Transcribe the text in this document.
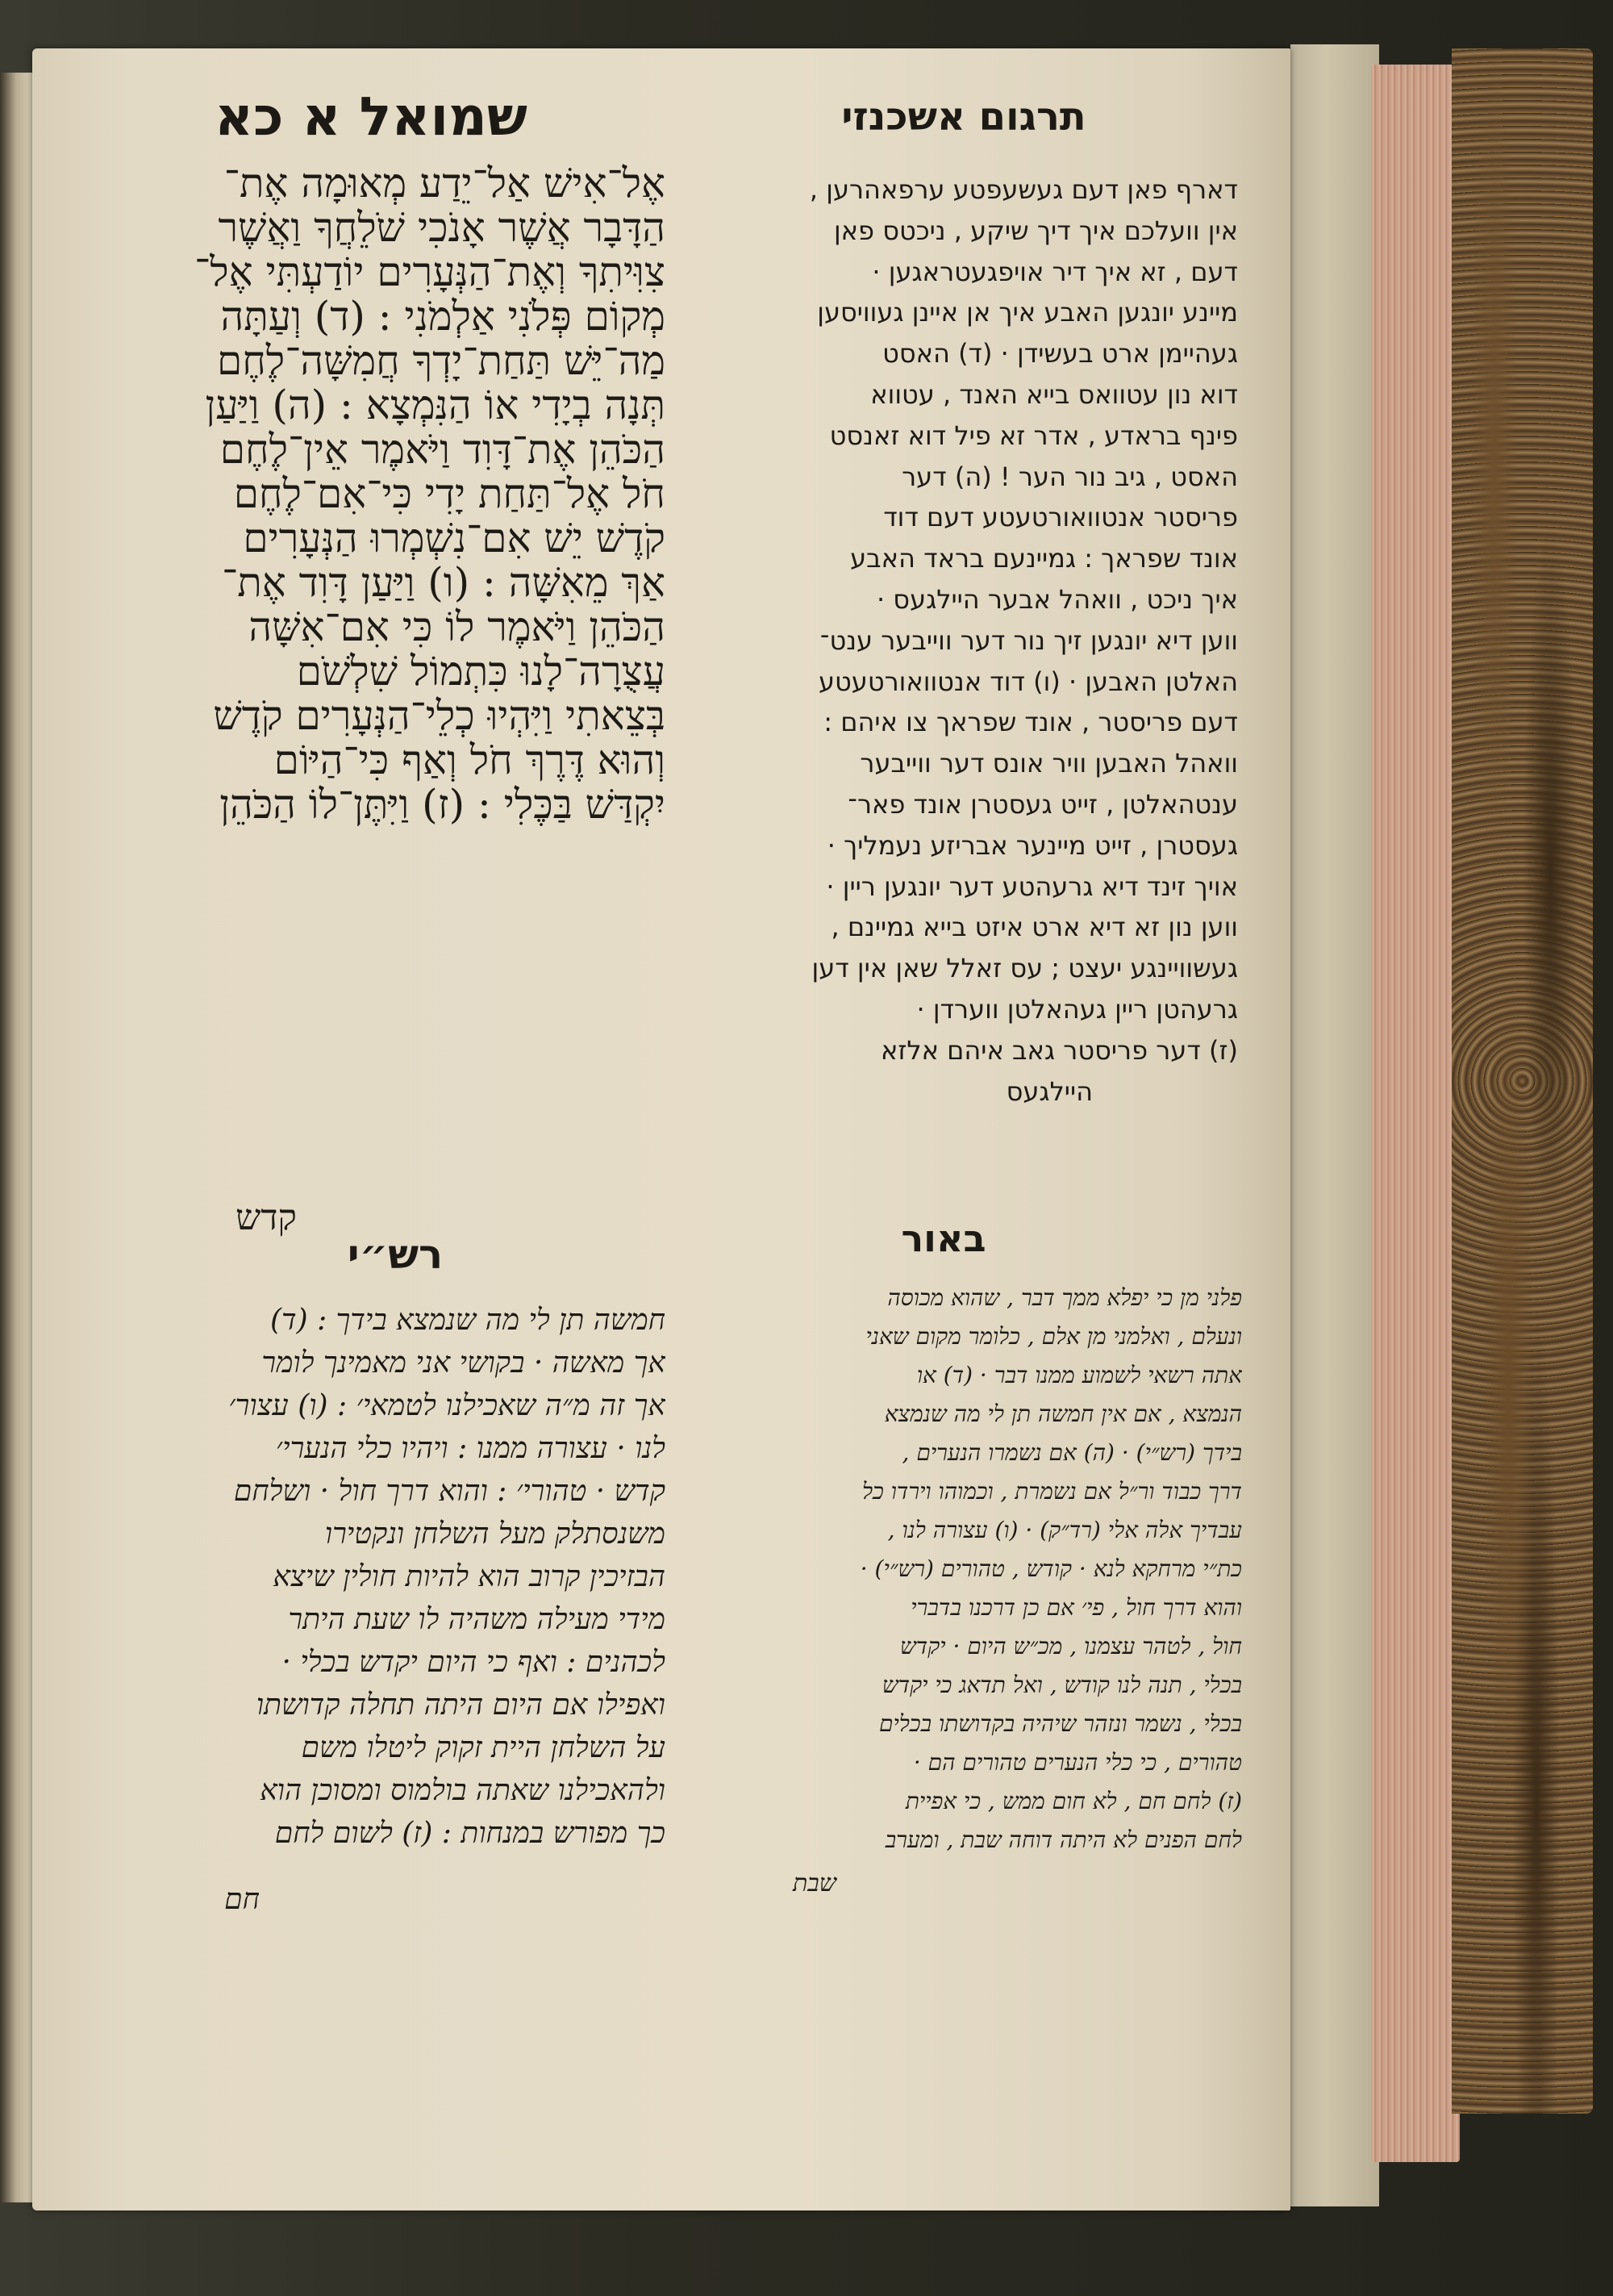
שמואל א כא	תרגום אשכנזי
אֶל־אִישׁ אַל־יֵדַע מְאוּמָה אֶת־
הַדָּבָר אֲשֶׁר אָנֹכִי שֹׁלֵחֲךָ וַאֲשֶׁר
צִוִּיתִךָ וְאֶת־הַנְּעָרִים יוֹדַעְתִּי אֶל־
מְקוֹם פְּלֹנִי אַלְמֹנִי : (ד) וְעַתָּה
מַה־יֵּשׁ תַּחַת־יָדְךָ חֲמִשָּׁה־לֶחֶם
תְּנָה בְיָדִי אוֹ הַנִּמְצָא : (ה) וַיַּעַן
הַכֹּהֵן אֶת־דָּוִד וַיֹּאמֶר אֵין־לֶחֶם
חֹל אֶל־תַּחַת יָדִי כִּי־אִם־לֶחֶם
קֹדֶשׁ יֵשׁ אִם־נִשְׁמְרוּ הַנְּעָרִים
אַךְ מֵאִשָּׁה : (ו) וַיַּעַן דָּוִד אֶת־
הַכֹּהֵן וַיֹּאמֶר לוֹ כִּי אִם־אִשָּׁה
עֲצֻרָה־לָנוּ כִּתְמוֹל שִׁלְשֹׁם
בְּצֵאתִי וַיִּהְיוּ כְלֵי־הַנְּעָרִים קֹדֶשׁ
וְהוּא דֶּרֶךְ חֹל וְאַף כִּי־הַיּוֹם
יִקְדַּשׁ בַּכֶּלִי : (ז) וַיִּתֶּן־לוֹ הַכֹּהֵן
קדש
רש״י
חמשה תן לי מה שנמצא בידך : (ד)
אך מאשה · בקושי אני מאמינך לומר
אך זה מ״ה שאכילנו לטמאי׳ : (ו) עצור׳
לנו · עצורה ממנו : ויהיו כלי הנערי׳
קדש · טהורי׳ : והוא דרך חול · ושלחם
משנסתלק מעל השלחן ונקטירו
הבזיכין קרוב הוא להיות חולין שיצא
מידי מעילה משהיה לו שעת היתר
לכהנים : ואף כי היום יקדש בכלי ·
ואפילו אם היום היתה תחלה קדושתו
על השלחן היית זקוק ליטלו משם
ולהאכילנו שאתה בולמוס ומסוכן הוא
כך מפורש במנחות : (ז) לשום לחם
חם
דארף פאן דעם געשעפטע ערפאהרען ,
אין וועלכם איך דיך שיקע , ניכטס פאן
דעם , זא איך דיר אויפגעטראגען ·
מיינע יונגען האבע איך אן איינן געוויסען
געהיימן ארט בעשידן · (ד) האסט
דוא נון עטוואס בייא האנד , עטווא
פינף בראדע , אדר זא פיל דוא זאנסט
האסט , גיב נור הער ! (ה) דער
פריסטר אנטוואורטעטע דעם דוד
אונד שפראך : גמיינעם בראד האבע
איך ניכט , וואהל אבער היילגעס ·
ווען דיא יונגען זיך נור דער ווייבער ענט־
האלטן האבען · (ו) דוד אנטוואורטעטע
דעם פריסטר , אונד שפראך צו איהם :
וואהל האבען וויר אונס דער ווייבער
ענטהאלטן , זייט געסטרן אונד פאר־
געסטרן , זייט מיינער אבריזע נעמליך ·
אויך זינד דיא גרעהטע דער יונגען ריין ·
ווען נון זא דיא ארט איזט בייא גמיינם ,
געשוויינגע יעצט ; עס זאלל שאן אין דען
גרעהטן ריין געהאלטן ווערדן ·
(ז) דער פריסטר גאב איהם אלזא
היילגעס
באור
פלני מן כי יפלא ממך דבר , שהוא מכוסה
ונעלם , ואלמני מן אלם , כלומר מקום שאני
אתה רשאי לשמוע ממנו דבר · (ד) או
הנמצא , אם אין חמשה תן לי מה שנמצא
בידך (רש״י) · (ה) אם נשמרו הנערים ,
דרך כבוד ור״ל אם נשמרת , וכמוהו וירדו כל
עבדיך אלה אלי (רד״ק) · (ו) עצורה לנו ,
כת״י מרחקא לנא · קודש , טהורים (רש״י) ·
והוא דרך חול , פי׳ אם כן דרכנו בדברי
חול , לטהר עצמנו , מכ״ש היום · יקדש
בכלי , תנה לנו קודש , ואל תדאג כי יקדש
בכלי , נשמר ונזהר שיהיה בקדושתו בכלים
טהורים , כי כלי הנערים טהורים הם ·
(ז) לחם חם , לא חום ממש , כי אפיית
לחם הפנים לא היתה דוחה שבת , ומערב
שבת
